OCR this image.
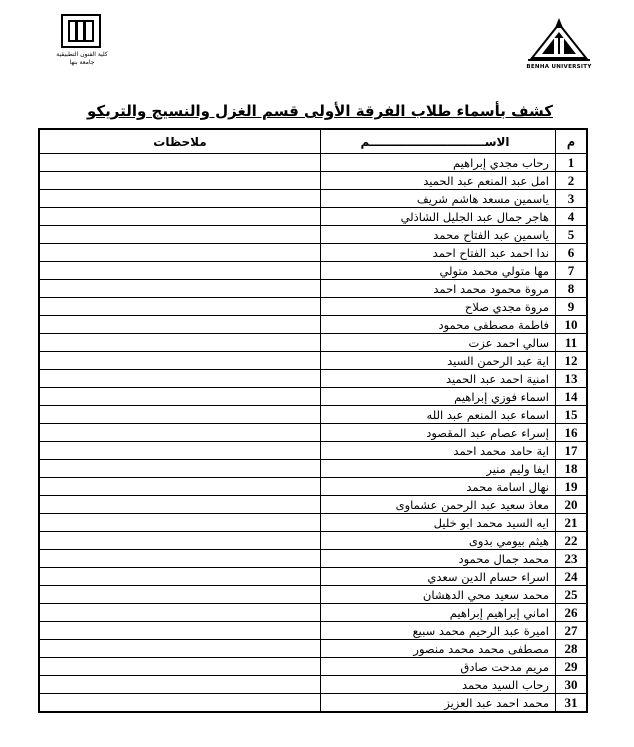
كلية الفنون التطبيقية
جامعة بنها
BENHA UNIVERSITY
كشف بأسماء طلاب الفرقة الأولى قسم الغزل والنسيج والتريكو
م	الاســــــــــــــــــــــــــــم	ملاحظات
1	رحاب مجدي إبراهيم	
2	امل عبد المنعم عبد الحميد	
3	ياسمين مسعد هاشم شريف	
4	هاجر جمال عبد الجليل الشاذلي	
5	ياسمين عبد الفتاح محمد	
6	ندا احمد عبد الفتاح احمد	
7	مها متولي محمد متولي	
8	مروة محمود محمد احمد	
9	مروة مجدي صلاح	
10	فاطمة مصطفى محمود	
11	سالي احمد عزت	
12	اية عبد الرحمن السيد	
13	امنية احمد عبد الحميد	
14	اسماء فوزي إبراهيم	
15	اسماء عبد المنعم عبد الله	
16	إسراء عصام عبد المقصود	
17	اية حامد محمد احمد	
18	ايفا وليم منير	
19	نهال اسامة محمد	
20	معاذ سعيد عبد الرحمن عشماوى	
21	ايه السيد محمد ابو خليل	
22	هيثم بيومي بدوى	
23	محمد جمال محمود	
24	اسراء حسام الدين سعدي	
25	محمد سعيد محي الدهشان	
26	اماني إبراهيم إبراهيم	
27	اميرة عبد الرحيم محمد سبيع	
28	مصطفى محمد محمد منصور	
29	مريم مدحت صادق	
30	رحاب السيد محمد	
31	محمد احمد عبد العزيز	
